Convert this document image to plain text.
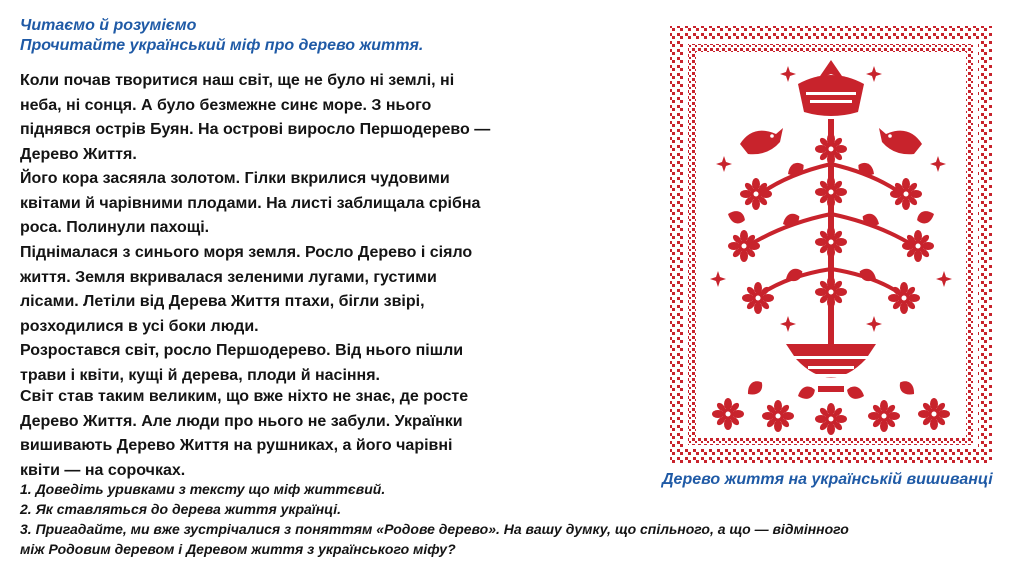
Читаємо й розуміємо
Прочитайте український міф про дерево життя.
Коли почав творитися наш світ, ще не було ні землі, ні
неба, ні сонця. А було безмежне синє море. З нього
піднявся острів Буян. На острові виросло Першодерево —
Дерево Життя.
Його кора засяяла золотом. Гілки вкрилися чудовими
квітами й чарівними плодами. На листі заблищала срібна
роса. Полинули пахощі.
Піднімалася з синього моря земля. Росло Дерево і сіяло
життя. Земля вкривалася зеленими лугами, густими
лісами. Летіли від Дерева Життя птахи, бігли звірі,
розходилися в усі боки люди.
Розростався світ, росло Першодерево. Від нього пішли
трави і квіти, кущі й дерева, плоди й насіння.
Світ став таким великим, що вже ніхто не знає, де росте
Дерево Життя. Але люди про нього не забули. Українки
вишивають Дерево Життя на рушниках, а його чарівні
квіти — на сорочках.
1. Доведіть уривками з тексту що міф життєвий.
2. Як ставляться до дерева життя українці.
3. Пригадайте, ми вже зустрічалися з поняттям «Родове дерево». На вашу думку, що спільного, а що — відмінного
між Родовим деревом і Деревом життя з українського міфу?
Дерево життя на українській вишиванці
